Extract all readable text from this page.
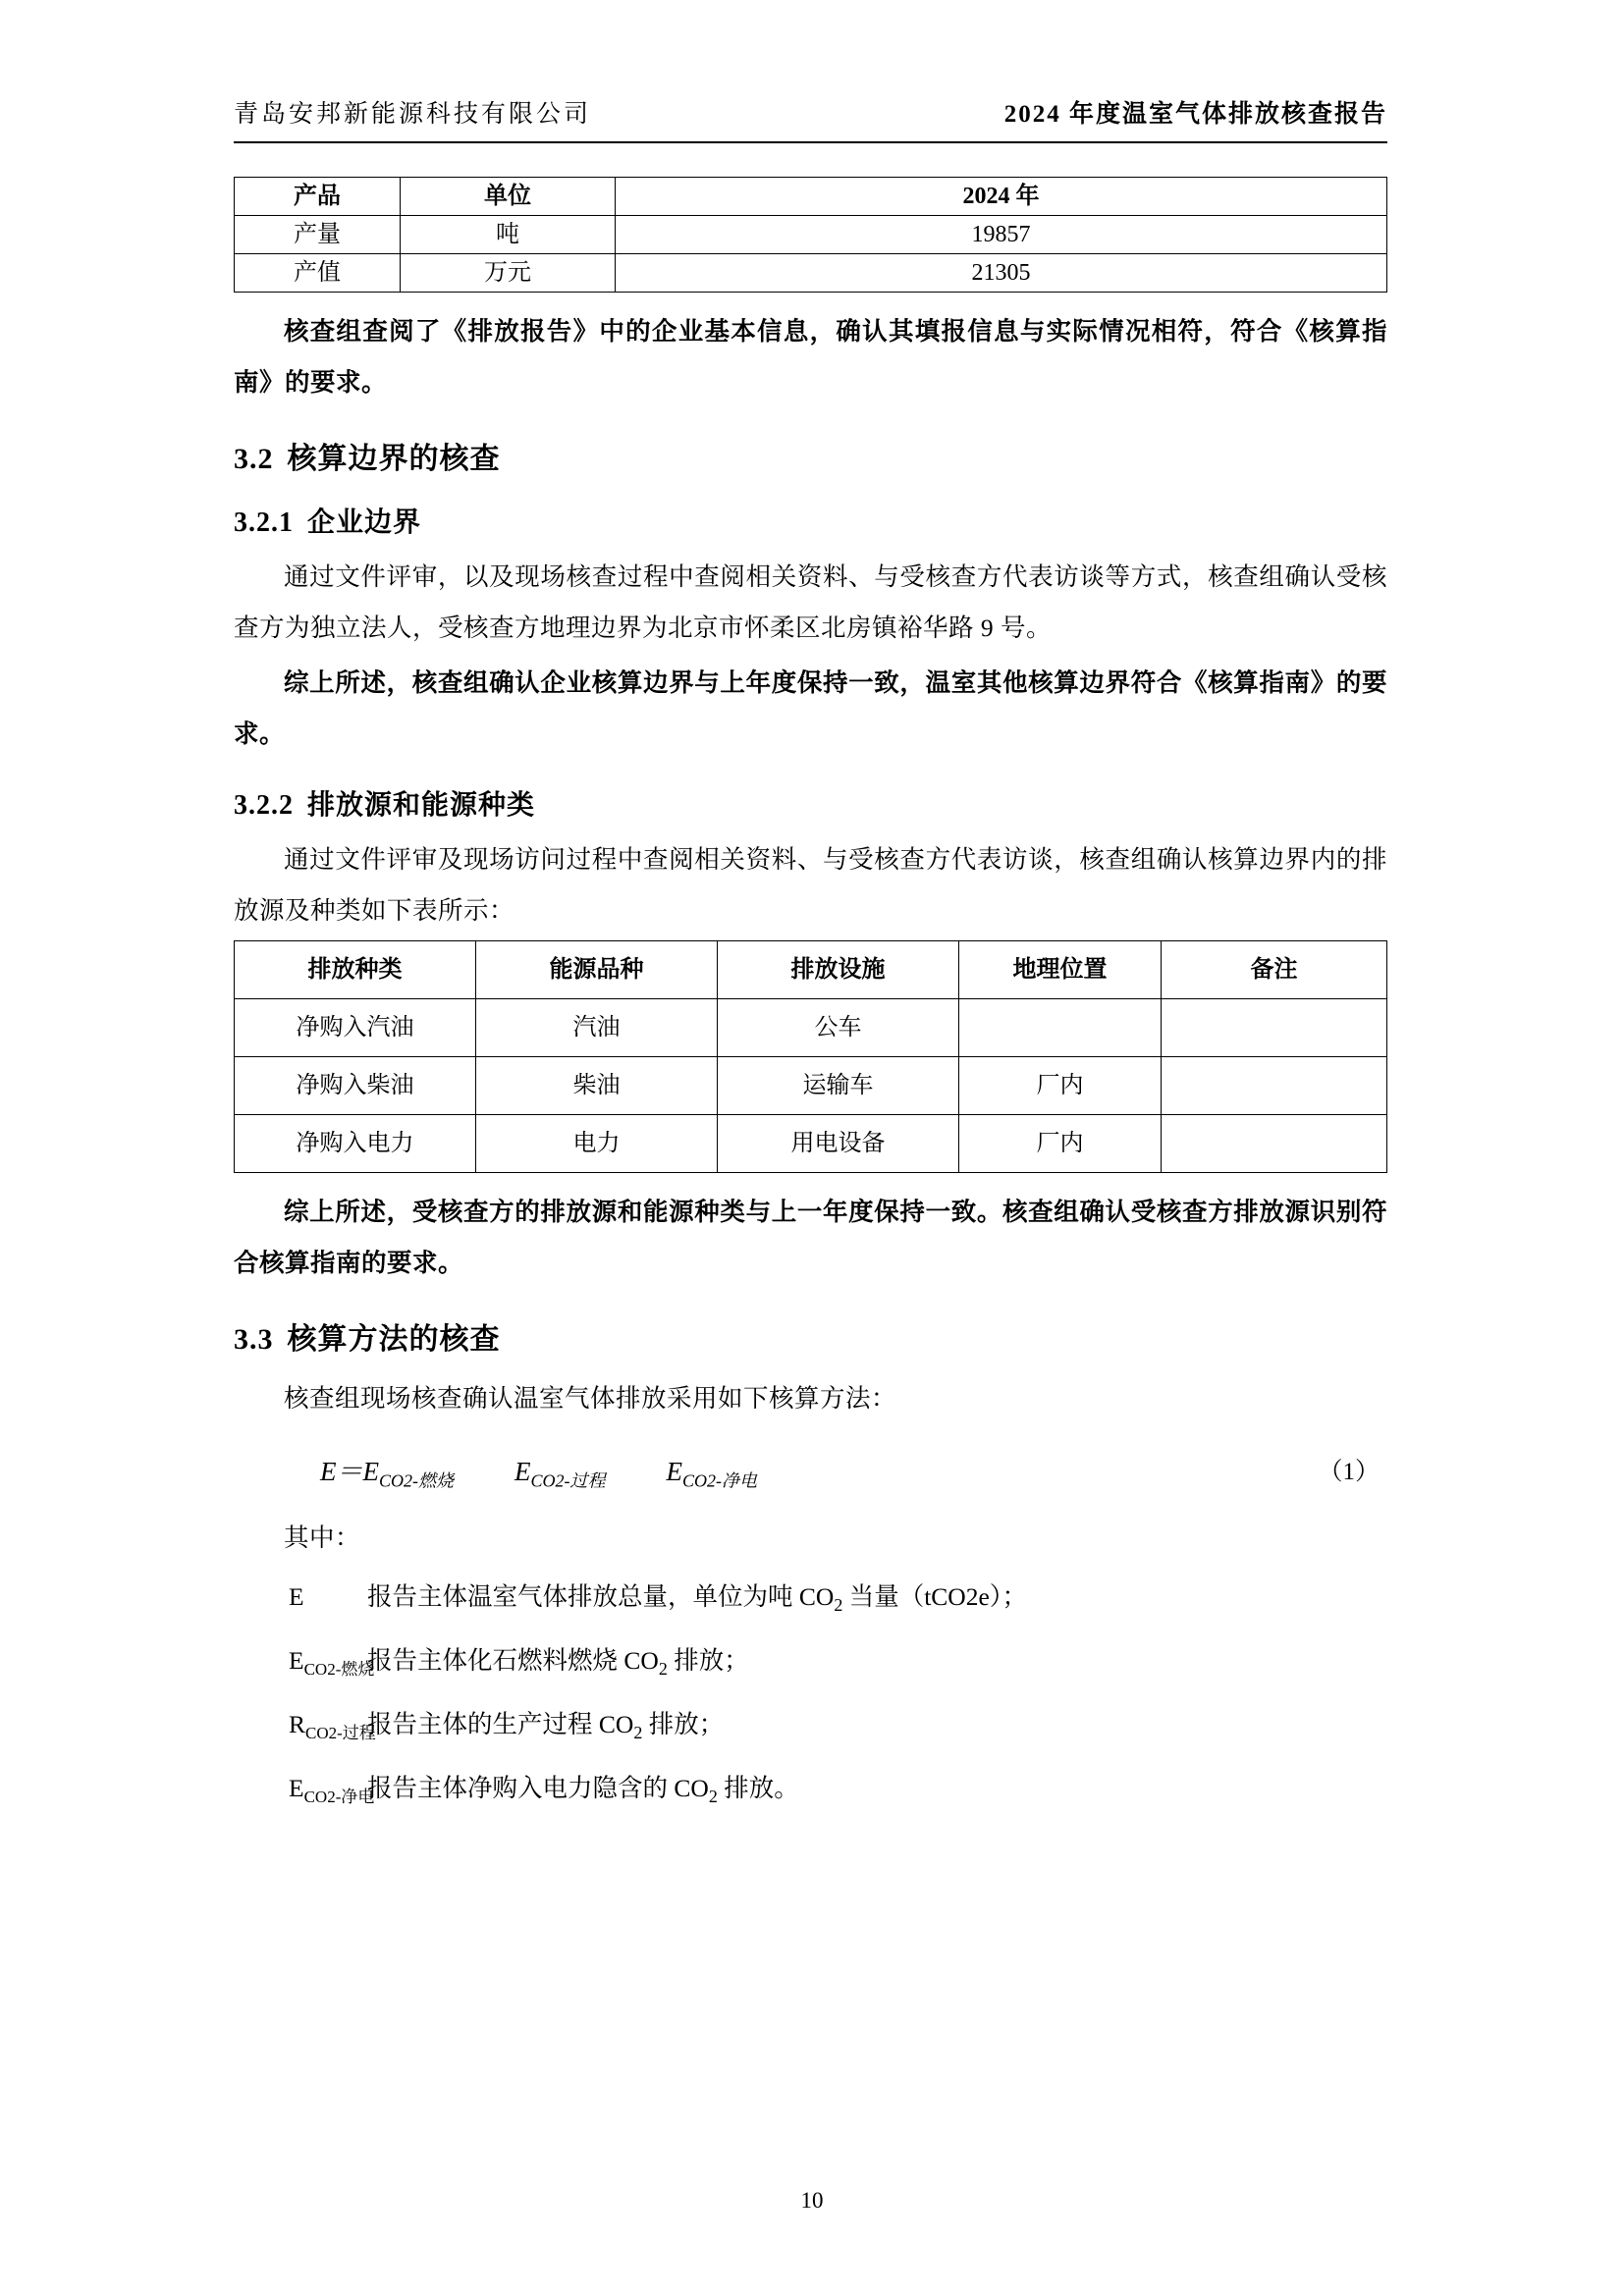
青岛安邦新能源科技有限公司	2024 年度温室气体排放核查报告
产品	单位	2024 年
产量	吨	19857
产值	万元	21305

核查组查阅了《排放报告》中的企业基本信息，确认其填报信息与实际情况相符，符合《核算指南》的要求。

3.2 核算边界的核查
3.2.1 企业边界

通过文件评审，以及现场核查过程中查阅相关资料、与受核查方代表访谈等方式，核查组确认受核查方为独立法人，受核查方地理边界为北京市怀柔区北房镇裕华路 9 号。

综上所述，核查组确认企业核算边界与上年度保持一致，温室其他核算边界符合《核算指南》的要求。

3.2.2 排放源和能源种类

通过文件评审及现场访问过程中查阅相关资料、与受核查方代表访谈，核查组确认核算边界内的排放源及种类如下表所示：

排放种类	能源品种	排放设施	地理位置	备注
净购入汽油	汽油	公车		
净购入柴油	柴油	运输车	厂内	
净购入电力	电力	用电设备	厂内	

综上所述，受核查方的排放源和能源种类与上一年度保持一致。核查组确认受核查方排放源识别符合核算指南的要求。

3.3 核算方法的核查

核查组现场核查确认温室气体排放采用如下核算方法：

$E=E_{CO2-燃烧}$ $E_{CO2-过程}$ $E_{CO2-净电}$	（1）

其中：

E	报告主体温室气体排放总量，单位为吨 $CO_2$ 当量（tCO2e）；
$E_{CO2-燃烧}$
报告主体化石燃料燃烧 $CO_2$ 排放；
$R_{CO2-过程}$
报告主体的生产过程 $CO_2$ 排放；
$E_{CO2-净电}$
报告主体净购入电力隐含的 $CO_2$ 排放。
10
